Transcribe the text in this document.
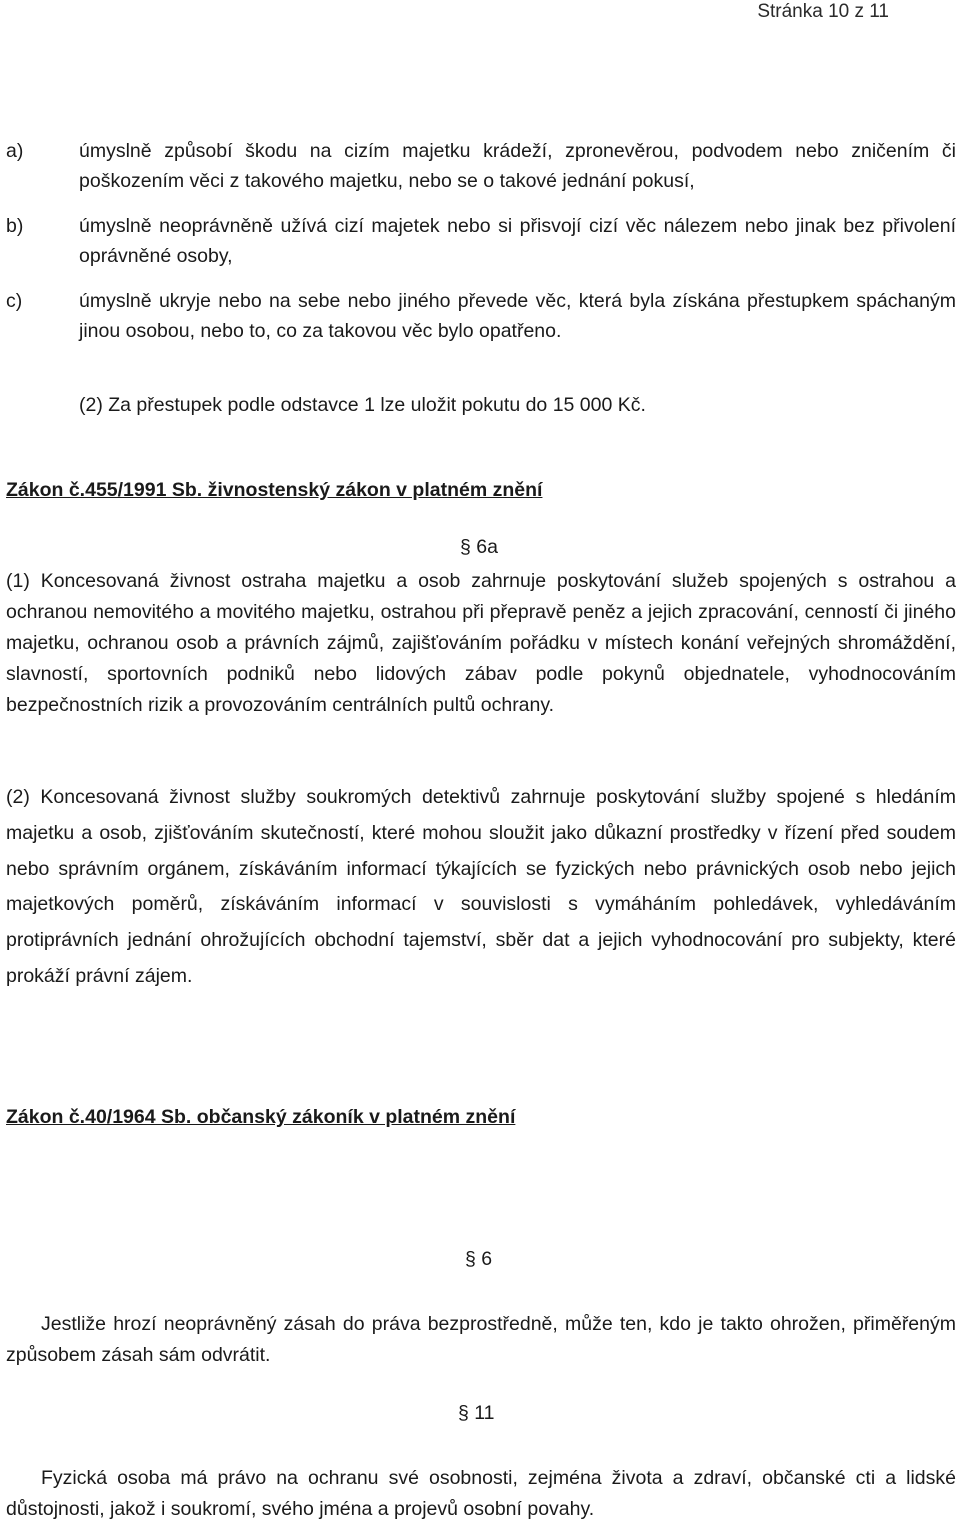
Stránka 10 z 11
a)	úmyslně způsobí škodu na cizím majetku krádeží, zpronevěrou, podvodem nebo zničením či poškozením věci z takového majetku, nebo se o takové jednání pokusí,
b)	úmyslně neoprávněně užívá cizí majetek nebo si přisvojí cizí věc nálezem nebo jinak bez přivolení oprávněné osoby,
c)	úmyslně ukryje nebo na sebe nebo jiného převede věc, která byla získána přestupkem spáchaným jinou osobou, nebo to, co za takovou věc bylo opatřeno.
(2) Za přestupek podle odstavce 1 lze uložit pokutu do 15 000 Kč.
Zákon č.455/1991 Sb. živnostenský zákon v platném znění
§ 6a
(1) Koncesovaná živnost ostraha majetku a osob zahrnuje poskytování služeb spojených s ostrahou a ochranou nemovitého a movitého majetku, ostrahou při přepravě peněz a jejich zpracování, cenností či jiného majetku, ochranou osob a právních zájmů, zajišťováním pořádku v místech konání veřejných shromáždění, slavností, sportovních podniků nebo lidových zábav podle pokynů objednatele, vyhodnocováním bezpečnostních rizik a provozováním centrálních pultů ochrany.
(2) Koncesovaná živnost služby soukromých detektivů zahrnuje poskytování služby spojené s hledáním majetku a osob, zjišťováním skutečností, které mohou sloužit jako důkazní prostředky v řízení před soudem nebo správním orgánem, získáváním informací týkajících se fyzických nebo právnických osob nebo jejich majetkových poměrů, získáváním informací v souvislosti s vymáháním pohledávek, vyhledáváním protiprávních jednání ohrožujících obchodní tajemství, sběr dat a jejich vyhodnocování pro subjekty, které prokáží právní zájem.
Zákon č.40/1964 Sb. občanský zákoník v platném znění
§ 6
Jestliže hrozí neoprávněný zásah do práva bezprostředně, může ten, kdo je takto ohrožen, přiměřeným způsobem zásah sám odvrátit.
§ 11
Fyzická osoba má právo na ochranu své osobnosti, zejména života a zdraví, občanské cti a lidské důstojnosti, jakož i soukromí, svého jména a projevů osobní povahy.
